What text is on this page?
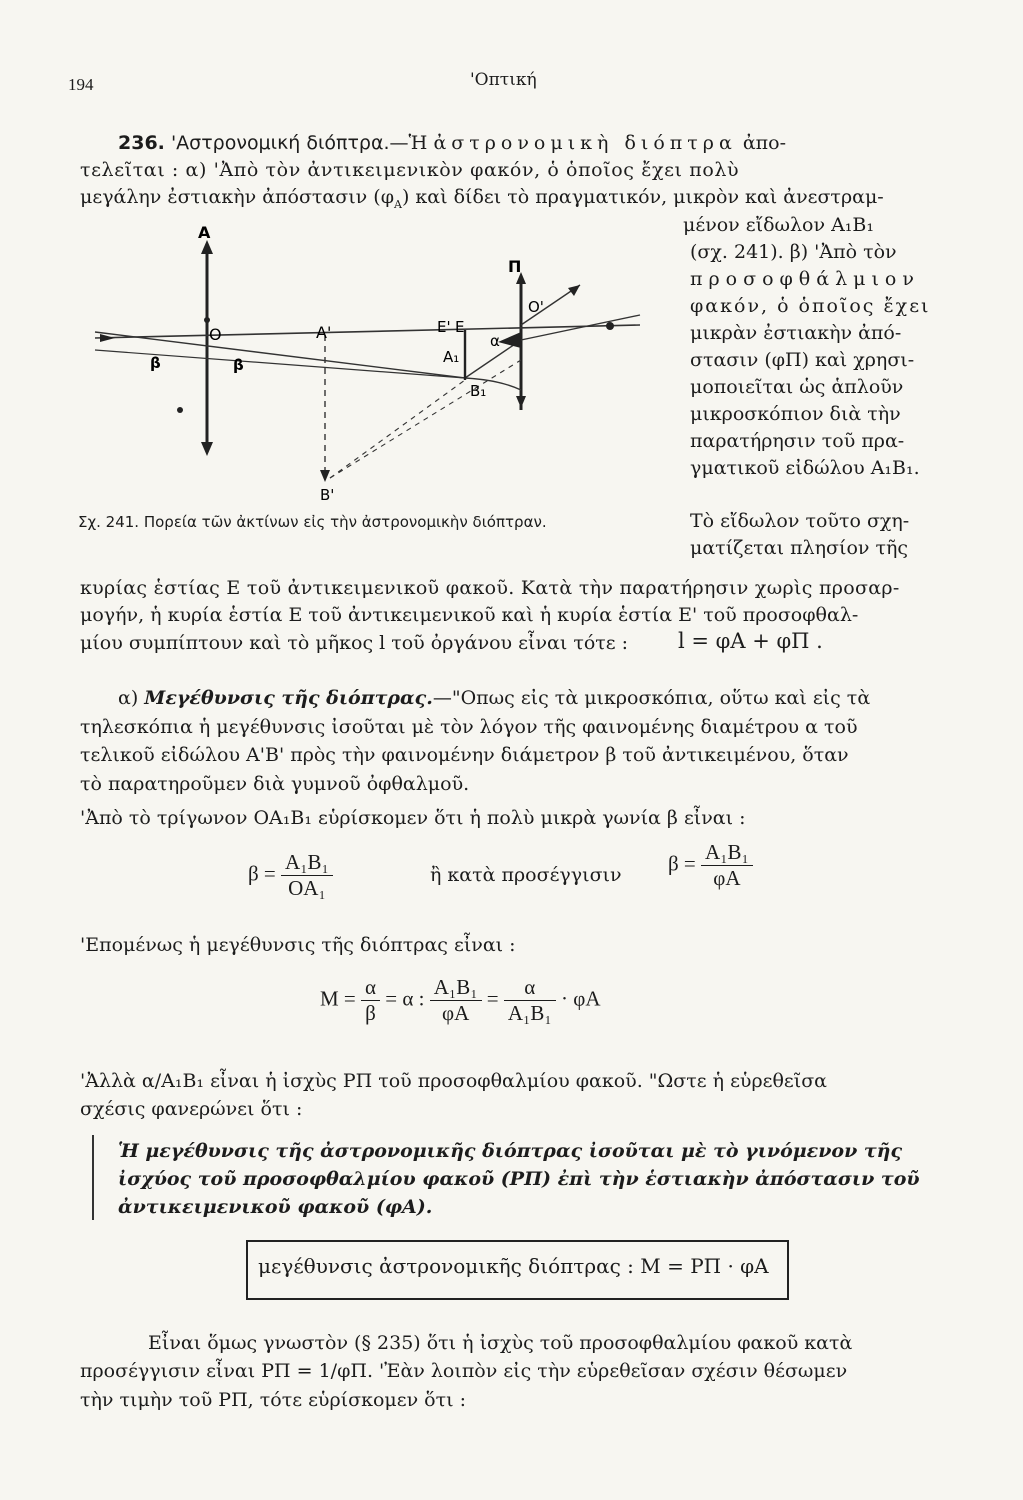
194	'Οπτική
236. 'Αστρονομική διόπτρα.—Ἡ ἀστρονομικὴ διόπτρα ἀπο-
τελεῖται : α) 'Ἀπὸ τὸν ἀντικειμενικὸν φακόν, ὁ ὁποῖος ἔχει πολὺ
μεγάλην ἐστιακὴν ἀπόστασιν $(\varphi_A)$ καὶ δίδει τὸ πραγματικόν, μικρὸν καὶ ἀνεστραμ-
μένον εἴδωλον A₁B₁
(σχ. 241). β) 'Ἀπὸ τὸν
προσοφθάλμιον
φακόν, ὁ ὁποῖος ἔχει
μικρὰν ἐστιακὴν ἀπό-
στασιν (φΠ) καὶ χρησι-
μοποιεῖται ὡς ἁπλοῦν
μικροσκόπιον διὰ τὴν
παρατήρησιν τοῦ πρα-
γματικοῦ εἰδώλου A₁B₁.
Τὸ εἴδωλον τοῦτο σχη-
ματίζεται πλησίον τῆς
A
O	A'	E' E
A₁
α
Π
O'
B₁
β	β
B'
Σχ. 241. Πορεία τῶν ἀκτίνων εἰς τὴν ἀστρονομικὴν διόπτραν.
κυρίας ἑστίας Ε τοῦ ἀντικειμενικοῦ φακοῦ. Κατὰ τὴν παρατήρησιν χωρὶς προσαρ-
μογήν, ἡ κυρία ἑστία Ε τοῦ ἀντικειμενικοῦ καὶ ἡ κυρία ἑστία Ε' τοῦ προσοφθαλ-
μίου συμπίπτουν καὶ τὸ μῆκος l τοῦ ὀργάνου εἶναι τότε : l = φA + φΠ .
α) Μεγέθυνσις τῆς διόπτρας.—"Οπως εἰς τὰ μικροσκόπια, οὕτω καὶ εἰς τὰ
τηλεσκόπια ἡ μεγέθυνσις ἰσοῦται μὲ τὸν λόγον τῆς φαινομένης διαμέτρου α τοῦ
τελικοῦ εἰδώλου A'B' πρὸς τὴν φαινομένην διάμετρον β τοῦ ἀντικειμένου, ὅταν
τὸ παρατηροῦμεν διὰ γυμνοῦ ὀφθαλμοῦ.
'Ἀπὸ τὸ τρίγωνον OA₁B₁ εὑρίσκομεν ὅτι ἡ πολὺ μικρὰ γωνία β εἶναι :
$\beta = \frac{\text{A₁B₁}}{\text{OA₁}}$	ἢ κατὰ προσέγγισιν $\beta = \frac{\text{A₁B₁}}{\varphi A}$
'Επομένως ἡ μεγέθυνσις τῆς διόπτρας εἶναι :
$M = \frac{\alpha}{\beta} = \alpha$ : $\frac{\text{A₁B₁}}{\varphi A} = \frac{\alpha}{\text{A₁B₁}} \cdot \varphi A$
'Ἀλλὰ α/A₁B₁ εἶναι ἡ ἰσχὺς PΠ τοῦ προσοφθαλμίου φακοῦ. "Ωστε ἡ εὑρεθεῖσα
σχέσις φανερώνει ὅτι :
Ἡ μεγέθυνσις τῆς ἀστρονομικῆς διόπτρας ἰσοῦται μὲ τὸ γινόμενον τῆς
ἰσχύος τοῦ προσοφθαλμίου φακοῦ (PΠ) ἐπὶ τὴν ἑστιακὴν ἀπόστασιν τοῦ
ἀντικειμενικοῦ φακοῦ (φA).
μεγέθυνσις ἀστρονομικῆς διόπτρας : M = PΠ · φA
Εἶναι ὅμως γνωστὸν (§ 235) ὅτι ἡ ἰσχὺς τοῦ προσοφθαλμίου φακοῦ κατὰ
προσέγγισιν εἶναι PΠ = 1/φΠ. 'Ἐὰν λοιπὸν εἰς τὴν εὑρεθεῖσαν σχέσιν θέσωμεν
τὴν τιμὴν τοῦ PΠ, τότε εὑρίσκομεν ὅτι :
